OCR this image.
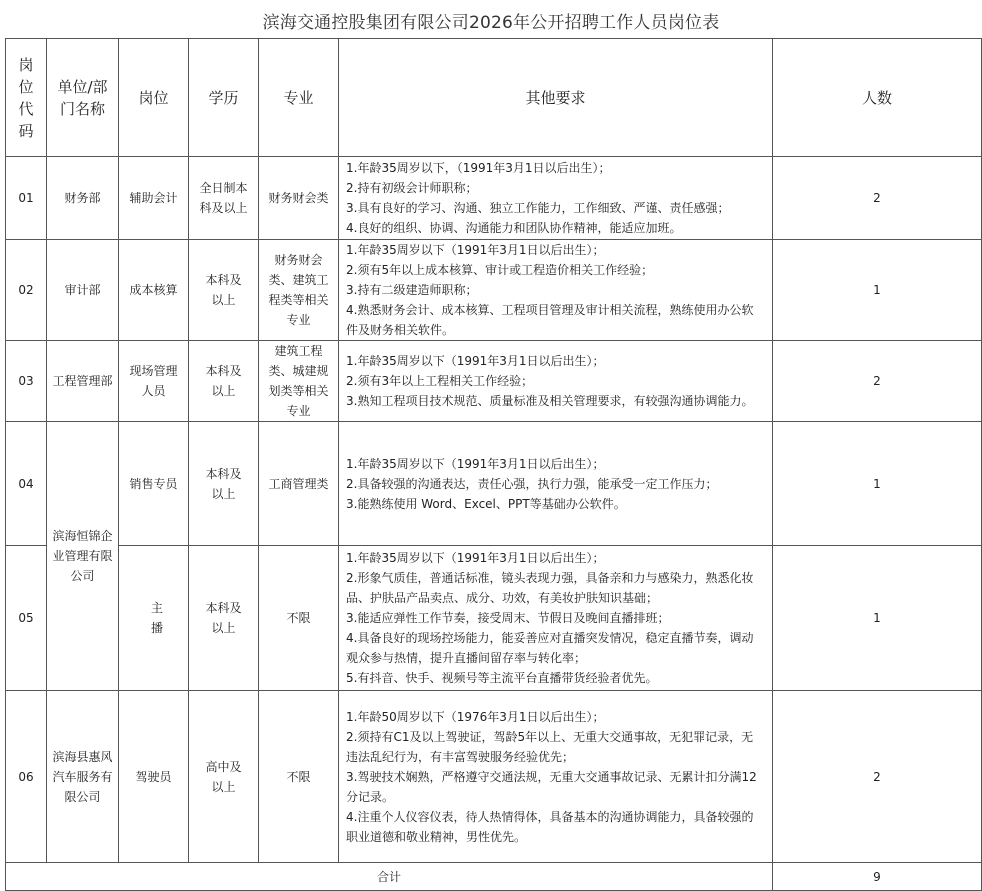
滨海交通控股集团有限公司2026年公开招聘工作人员岗位表
岗
位
代
码	单位/部门名称	岗位	学历	专业	其他要求	人数
01	财务部	辅助会计	全日制本科及以上	财务财会类	1.年龄35周岁以下，（1991年3月1日以后出生）；
2.持有初级会计师职称；
3.具有良好的学习、沟通、独立工作能力，工作细致、严谨、责任感强；
4.良好的组织、协调、沟通能力和团队协作精神，能适应加班。	2
02	审计部	成本核算	本科及以上	财务财会类、建筑工程类等相关专业	1.年龄35周岁以下（1991年3月1日以后出生）；
2.须有5年以上成本核算、审计或工程造价相关工作经验；
3.持有二级建造师职称；
4.熟悉财务会计、成本核算、工程项目管理及审计相关流程，熟练使用办公软件及财务相关软件。	1
03	工程管理部	现场管理人员	本科及以上	建筑工程类、城建规划类等相关专业	1.年龄35周岁以下（1991年3月1日以后出生）；
2.须有3年以上工程相关工作经验；
3.熟知工程项目技术规范、质量标准及相关管理要求，有较强沟通协调能力。	2
04	滨海恒锦企业管理有限公司	销售专员	本科及以上	工商管理类	1.年龄35周岁以下（1991年3月1日以后出生）；
2.具备较强的沟通表达，责任心强，执行力强，能承受一定工作压力；
3.能熟练使用 Word、Excel、PPT等基础办公软件。	1
05		主播	本科及以上	不限	1.年龄35周岁以下（1991年3月1日以后出生）；
2.形象气质佳，普通话标准，镜头表现力强，具备亲和力与感染力，熟悉化妆品、护肤品产品卖点、成分、功效，有美妆护肤知识基础；
3.能适应弹性工作节奏，接受周末、节假日及晚间直播排班；
4.具备良好的现场控场能力，能妥善应对直播突发情况，稳定直播节奏，调动观众参与热情，提升直播间留存率与转化率；
5.有抖音、快手、视频号等主流平台直播带货经验者优先。	1
06	滨海县惠风汽车服务有限公司	驾驶员	高中及以上	不限	1.年龄50周岁以下（1976年3月1日以后出生）；
2.须持有C1及以上驾驶证，驾龄5年以上、无重大交通事故，无犯罪记录，无违法乱纪行为，有丰富驾驶服务经验优先；
3.驾驶技术娴熟，严格遵守交通法规，无重大交通事故记录、无累计扣分满12分记录。
4.注重个人仪容仪表，待人热情得体，具备基本的沟通协调能力，具备较强的职业道德和敬业精神，男性优先。	2
合计						9
